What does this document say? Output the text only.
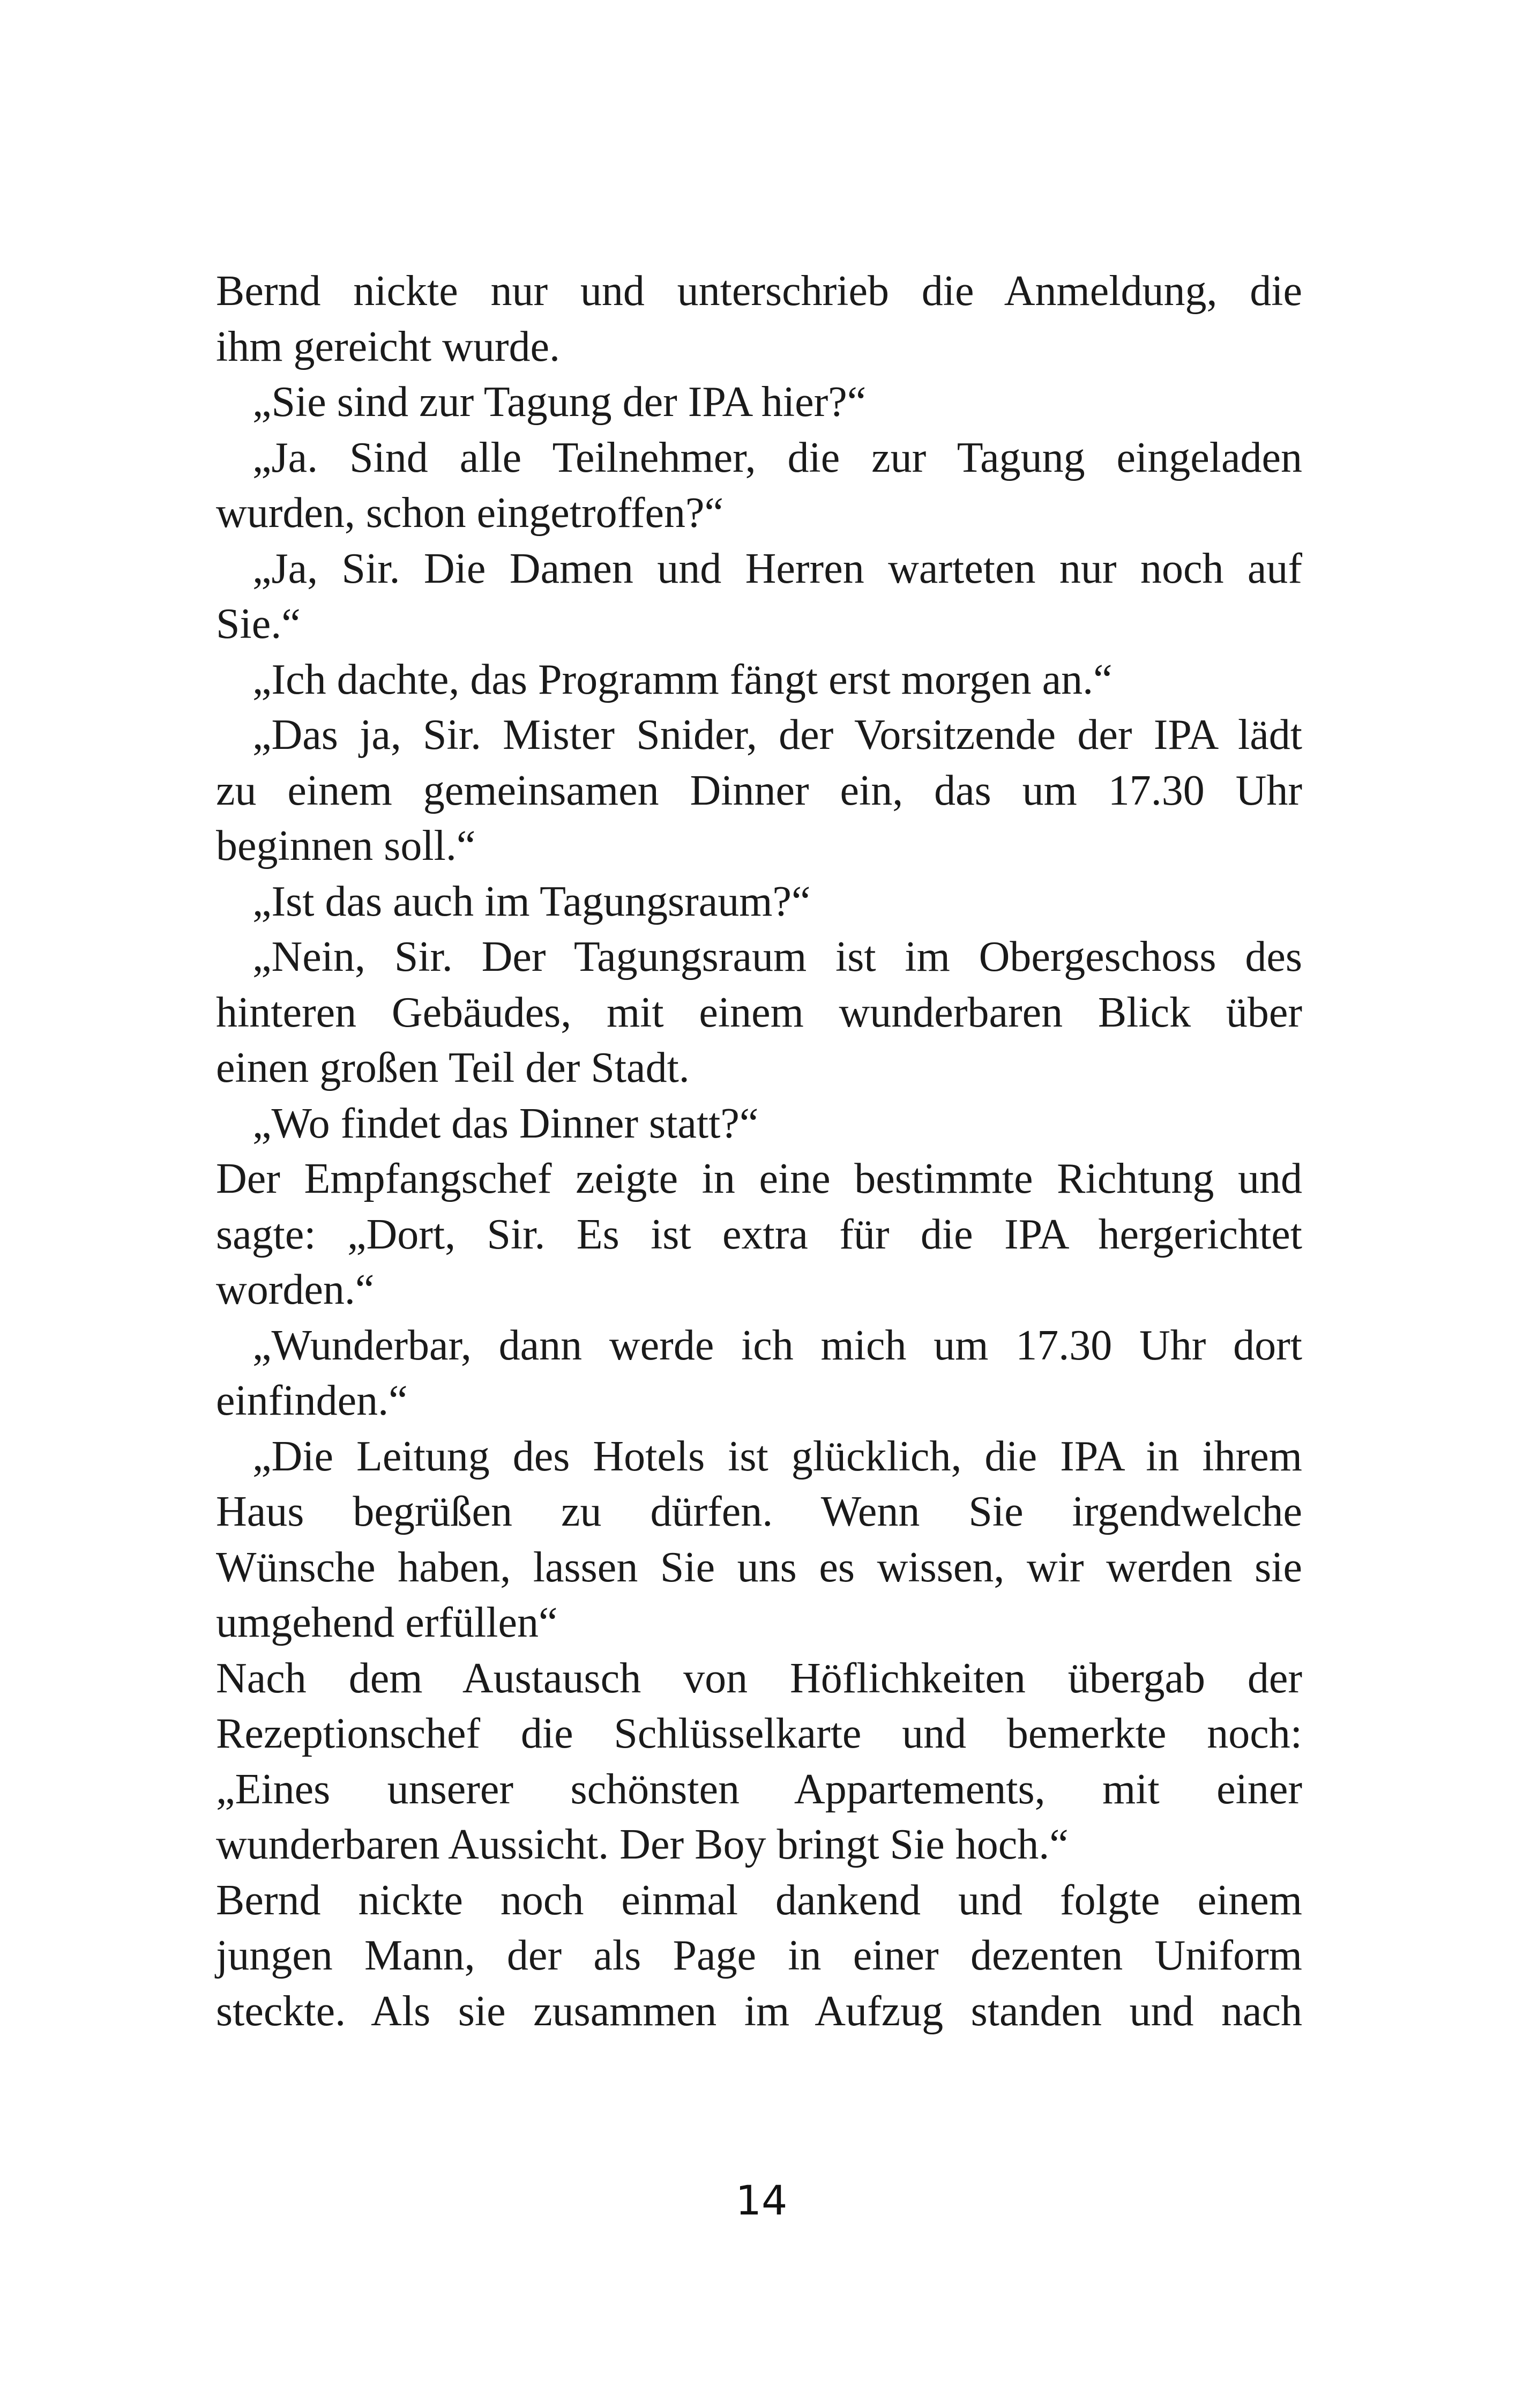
Bernd nickte nur und unterschrieb die Anmeldung, die
ihm gereicht wurde.
„Sie sind zur Tagung der IPA hier?“
„Ja. Sind alle Teilnehmer, die zur Tagung eingeladen
wurden, schon eingetroffen?“
„Ja, Sir. Die Damen und Herren warteten nur noch auf
Sie.“
„Ich dachte, das Programm fängt erst morgen an.“
„Das ja, Sir. Mister Snider, der Vorsitzende der IPA lädt
zu einem gemeinsamen Dinner ein, das um 17.30 Uhr
beginnen soll.“
„Ist das auch im Tagungsraum?“
„Nein, Sir. Der Tagungsraum ist im Obergeschoss des
hinteren Gebäudes, mit einem wunderbaren Blick über
einen großen Teil der Stadt.
„Wo findet das Dinner statt?“
Der Empfangschef zeigte in eine bestimmte Richtung und
sagte: „Dort, Sir. Es ist extra für die IPA hergerichtet
worden.“
„Wunderbar, dann werde ich mich um 17.30 Uhr dort
einfinden.“
„Die Leitung des Hotels ist glücklich, die IPA in ihrem
Haus begrüßen zu dürfen. Wenn Sie irgendwelche
Wünsche haben, lassen Sie uns es wissen, wir werden sie
umgehend erfüllen“
Nach dem Austausch von Höflichkeiten übergab der
Rezeptionschef die Schlüsselkarte und bemerkte noch:
„Eines unserer schönsten Appartements, mit einer
wunderbaren Aussicht. Der Boy bringt Sie hoch.“
Bernd nickte noch einmal dankend und folgte einem
jungen Mann, der als Page in einer dezenten Uniform
steckte. Als sie zusammen im Aufzug standen und nach
14
